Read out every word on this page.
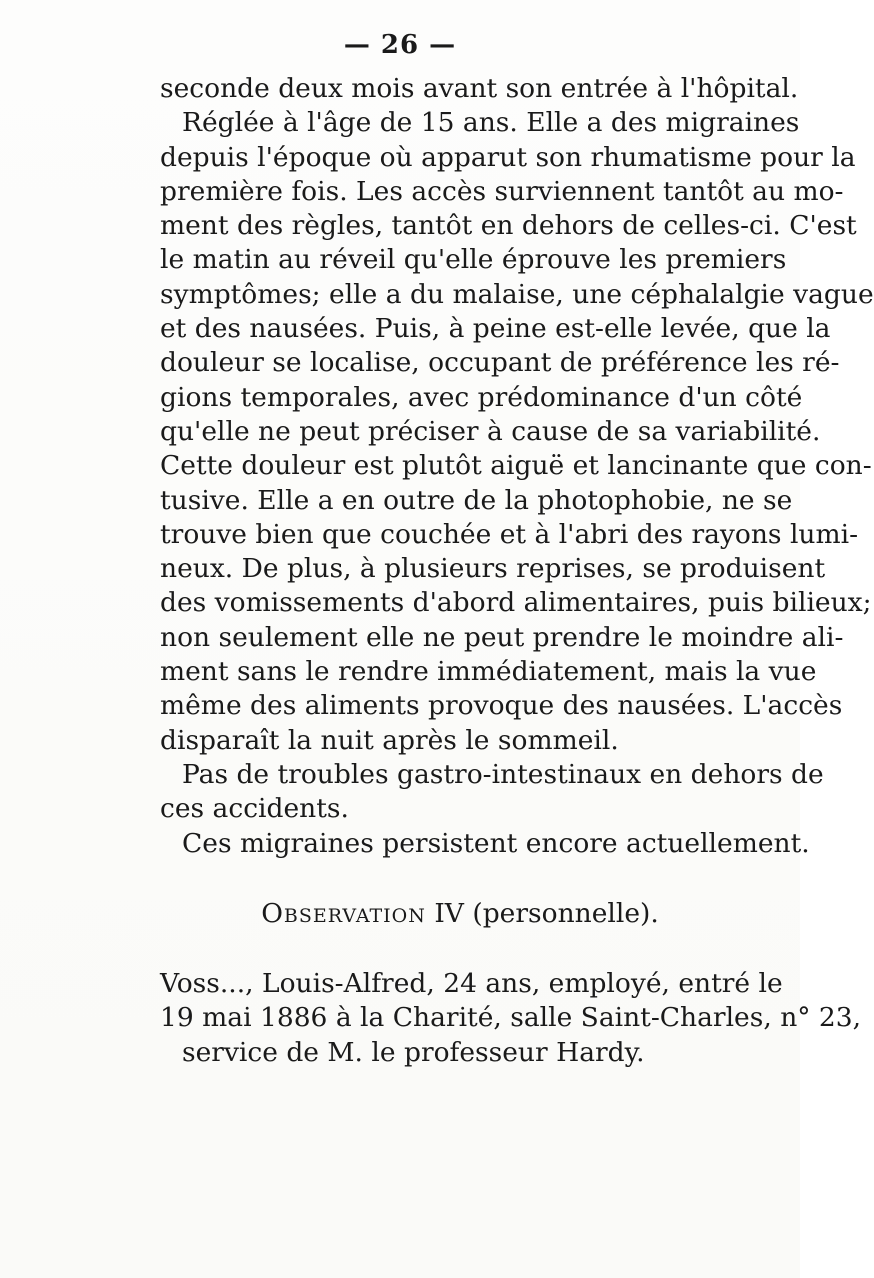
— 26 —
seconde deux mois avant son entrée à l'hôpital.
Réglée à l'âge de 15 ans. Elle a des migraines
depuis l'époque où apparut son rhumatisme pour la
première fois. Les accès surviennent tantôt au mo-
ment des règles, tantôt en dehors de celles-ci. C'est
le matin au réveil qu'elle éprouve les premiers
symptômes; elle a du malaise, une céphalalgie vague
et des nausées. Puis, à peine est-elle levée, que la
douleur se localise, occupant de préférence les ré-
gions temporales, avec prédominance d'un côté
qu'elle ne peut préciser à cause de sa variabilité.
Cette douleur est plutôt aiguë et lancinante que con-
tusive. Elle a en outre de la photophobie, ne se
trouve bien que couchée et à l'abri des rayons lumi-
neux. De plus, à plusieurs reprises, se produisent
des vomissements d'abord alimentaires, puis bilieux;
non seulement elle ne peut prendre le moindre ali-
ment sans le rendre immédiatement, mais la vue
même des aliments provoque des nausées. L'accès
disparaît la nuit après le sommeil.
Pas de troubles gastro-intestinaux en dehors de
ces accidents.
Ces migraines persistent encore actuellement.
Observation IV (personnelle).
Voss..., Louis-Alfred, 24 ans, employé, entré le
19 mai 1886 à la Charité, salle Saint-Charles, n° 23,
service de M. le professeur Hardy.
